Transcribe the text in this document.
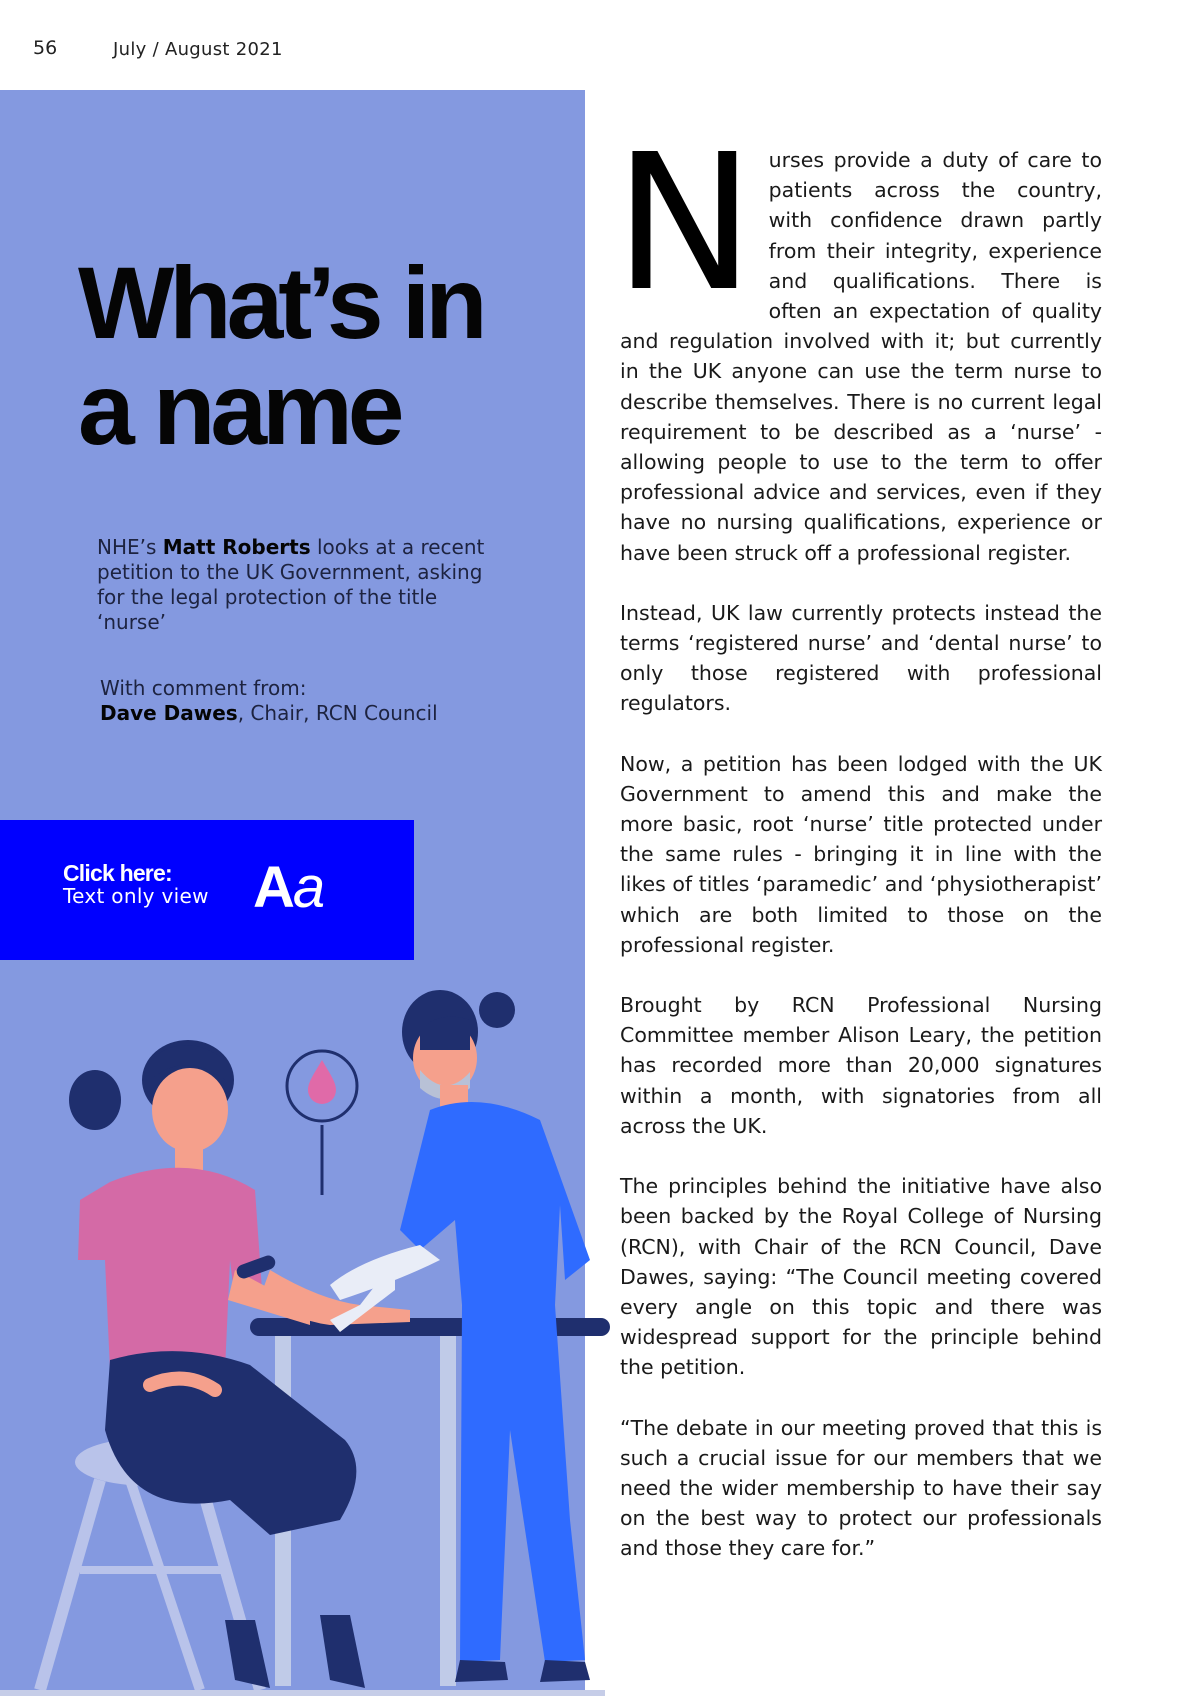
56	July / August 2021
What’s in
a name
NHE’s Matt Roberts looks at a recent petition to the UK Government, asking for the legal protection of the title ‘nurse’
With comment from:
Dave Dawes, Chair, RCN Council
Click here:
Text only view Aa

Nurses provide a duty of care to patients across the country, with confidence drawn partly from their integrity, experience and qualifications. There is often an expectation of quality and regulation involved with it; but currently in the UK anyone can use the term nurse to describe themselves. There is no current legal requirement to be described as a ‘nurse’ - allowing people to use to the term to offer professional advice and services, even if they have no nursing qualifications, experience or have been struck off a professional register.

Instead, UK law currently protects instead the terms ‘registered nurse’ and ‘dental nurse’ to only those registered with professional regulators.

Now, a petition has been lodged with the UK Government to amend this and make the more basic, root ‘nurse’ title protected under the same rules - bringing it in line with the likes of titles ‘paramedic’ and ‘physiotherapist’ which are both limited to those on the professional register.

Brought by RCN Professional Nursing Committee member Alison Leary, the petition has recorded more than 20,000 signatures within a month, with signatories from all across the UK.

The principles behind the initiative have also been backed by the Royal College of Nursing (RCN), with Chair of the RCN Council, Dave Dawes, saying: “The Council meeting covered every angle on this topic and there was widespread support for the principle behind the petition.

“The debate in our meeting proved that this is such a crucial issue for our members that we need the wider membership to have their say on the best way to protect our professionals and those they care for.”
